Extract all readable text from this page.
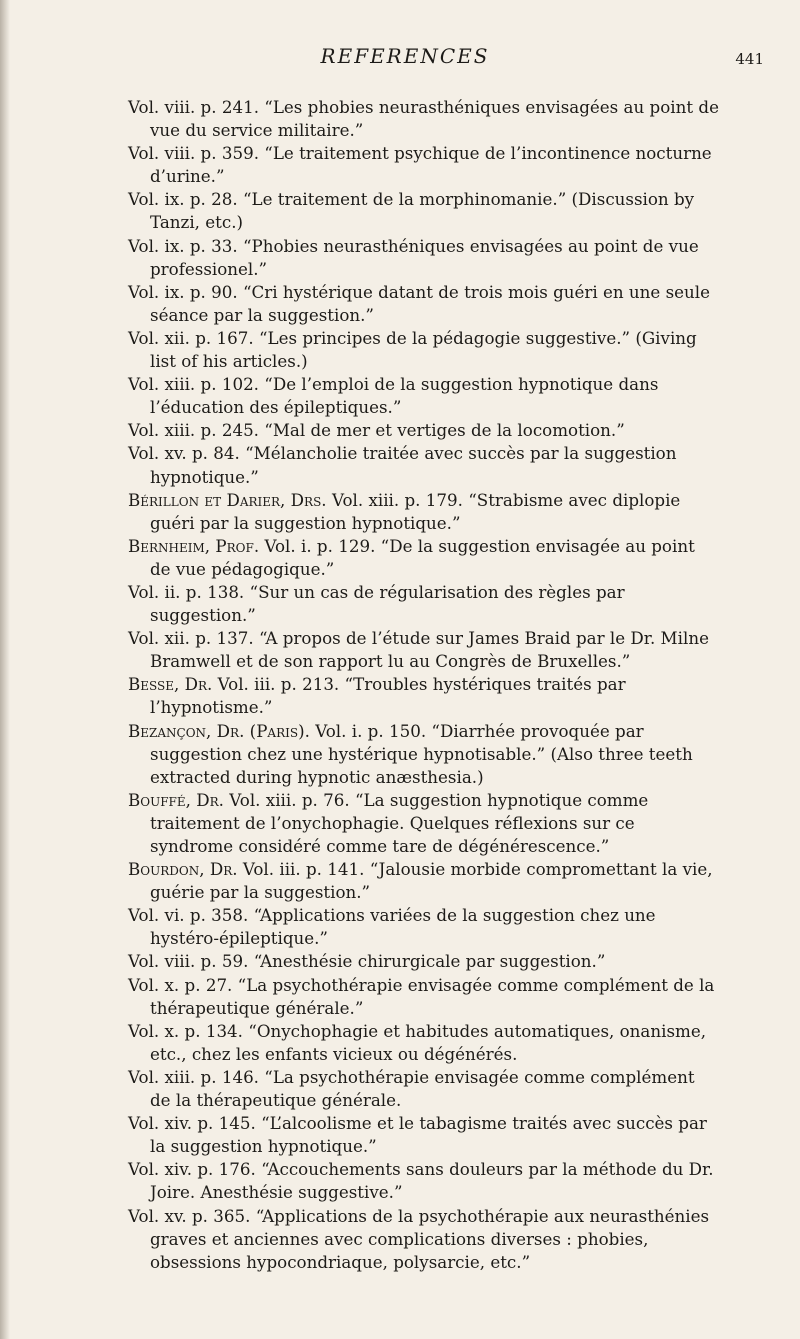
REFERENCES	441

Vol. viii. p. 241. “Les phobies neurasthéniques envisagées au point de vue du service militaire.”

Vol. viii. p. 359. “Le traitement psychique de l’incontinence nocturne d’urine.”

Vol. ix. p. 28. “Le traitement de la morphinomanie.” (Discussion by Tanzi, etc.)

Vol. ix. p. 33. “Phobies neurasthéniques envisagées au point de vue professionel.”

Vol. ix. p. 90. “Cri hystérique datant de trois mois guéri en une seule séance par la suggestion.”

Vol. xii. p. 167. “Les principes de la pédagogie suggestive.” (Giving list of his articles.)

Vol. xiii. p. 102. “De l’emploi de la suggestion hypnotique dans l’éducation des épileptiques.”

Vol. xiii. p. 245. “Mal de mer et vertiges de la locomotion.”

Vol. xv. p. 84. “Mélancholie traitée avec succès par la suggestion hypnotique.”

Bérillon et Darier, Drs. Vol. xiii. p. 179. “Strabisme avec diplopie guéri par la suggestion hypnotique.”

Bernheim, Prof. Vol. i. p. 129. “De la suggestion envisagée au point de vue pédagogique.”

Vol. ii. p. 138. “Sur un cas de régularisation des règles par suggestion.”

Vol. xii. p. 137. “A propos de l’étude sur James Braid par le Dr. Milne Bramwell et de son rapport lu au Congrès de Bruxelles.”

Besse, Dr. Vol. iii. p. 213. “Troubles hystériques traités par l’hypnotisme.”

Bezançon, Dr. (Paris). Vol. i. p. 150. “Diarrhée provoquée par suggestion chez une hystérique hypnotisable.” (Also three teeth extracted during hypnotic anæsthesia.)

Bouffé, Dr. Vol. xiii. p. 76. “La suggestion hypnotique comme traitement de l’onychophagie. Quelques réflexions sur ce syndrome considéré comme tare de dégénérescence.”

Bourdon, Dr. Vol. iii. p. 141. “Jalousie morbide compromettant la vie, guérie par la suggestion.”

Vol. vi. p. 358. “Applications variées de la suggestion chez une hystéro-épileptique.”

Vol. viii. p. 59. “Anesthésie chirurgicale par suggestion.”

Vol. x. p. 27. “La psychothérapie envisagée comme complément de la thérapeutique générale.”

Vol. x. p. 134. “Onychophagie et habitudes automatiques, onanisme, etc., chez les enfants vicieux ou dégénérés.

Vol. xiii. p. 146. “La psychothérapie envisagée comme complément de la thérapeutique générale.

Vol. xiv. p. 145. “L’alcoolisme et le tabagisme traités avec succès par la suggestion hypnotique.”

Vol. xiv. p. 176. “Accouchements sans douleurs par la méthode du Dr. Joire. Anesthésie suggestive.”

Vol. xv. p. 365. “Applications de la psychothérapie aux neurasthénies graves et anciennes avec complications diverses : phobies, obsessions hypocondriaque, polysarcie, etc.”
